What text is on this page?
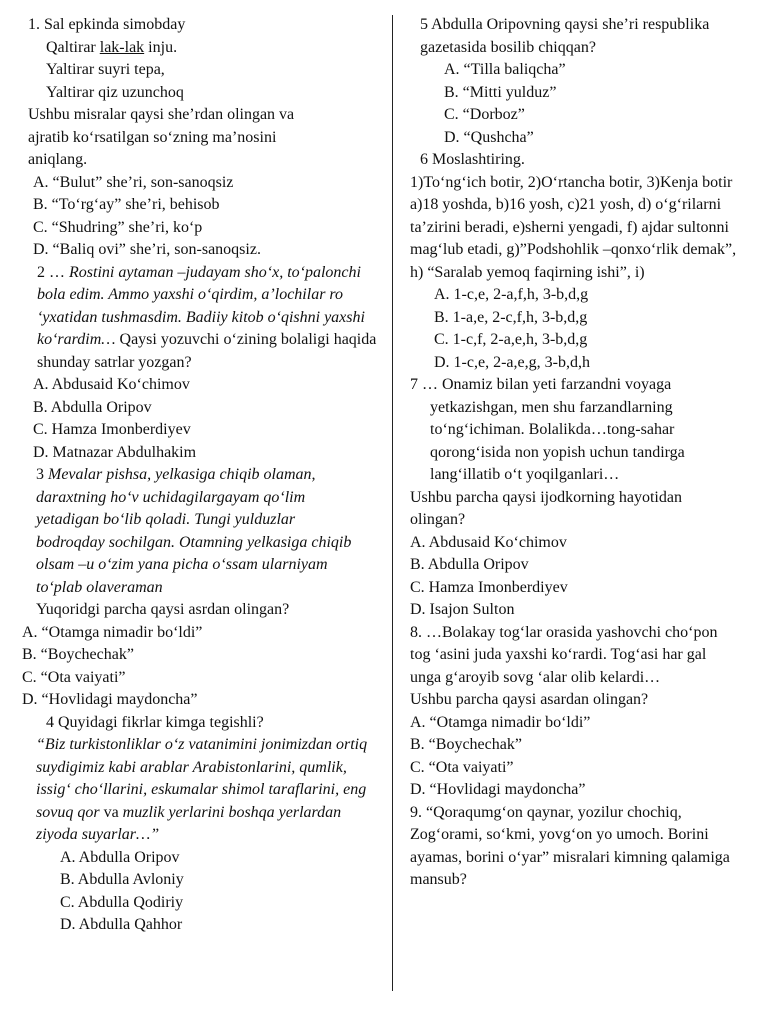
1. Sal epkinda simobday
Qaltirar lak-lak inju.
Yaltirar suyri tepa,
Yaltirar qiz uzunchoq
Ushbu misralar qaysi she’rdan olingan va ajratib ko‘rsatilgan so‘zning ma’nosini aniqlang.
A. “Bulut” she’ri, son-sanoqsiz
B. “To‘rg‘ay” she’ri, behisob
C. “Shudring” she’ri, ko‘p
D. “Baliq ovi” she’ri, son-sanoqsiz.
2 … Rostini aytaman –judayam sho‘x, to‘palonchi bola edim. Ammo yaxshi o‘qirdim, a’lochilar ro ‘yxatidan tushmasdim. Badiiy kitob o‘qishni yaxshi ko‘rardim… Qaysi yozuvchi o‘zining bolaligi haqida shunday satrlar yozgan?
A. Abdusaid Ko‘chimov
B. Abdulla Oripov
C. Hamza Imonberdiyev
D. Matnazar Abdulhakim
3 Mevalar pishsa, yelkasiga chiqib olaman, daraxtning ho‘v uchidagilargayam qo‘lim yetadigan bo‘lib qoladi. Tungi yulduzlar bodroqday sochilgan. Otamning yelkasiga chiqib olsam –u o‘zim yana picha o‘ssam ularniyam to‘plab olaveraman
Yuqoridgi parcha qaysi asrdan olingan?
A. “Otamga nimadir bo‘ldi”
B. “Boychechak”
C. “Ota vaiyati”
D. “Hovlidagi maydoncha”
4 Quyidagi fikrlar kimga tegishli?
“Biz turkistonliklar o‘z vatanimini jonimizdan ortiq suydigimiz kabi arablar Arabistonlarini, qumlik, issig‘ cho‘llarini, eskumalar shimol taraflarini, eng sovuq qor va muzlik yerlarini boshqa yerlardan ziyoda suyarlar…”
A. Abdulla Oripov
B. Abdulla Avloniy
C. Abdulla Qodiriy
D. Abdulla Qahhor
5 Abdulla Oripovning qaysi she’ri respublika gazetasida bosilib chiqqan?
A. “Tilla baliqcha”
B. “Mitti yulduz”
C. “Dorboz”
D. “Qushcha”
6 Moslashtiring.
1)To‘ng‘ich botir, 2)O‘rtancha botir, 3)Kenja botir
a)18 yoshda, b)16 yosh, c)21 yosh, d) o‘g‘rilarni ta’zirini beradi, e)sherni yengadi, f) ajdar sultonni mag‘lub etadi, g)”Podshohlik –qonxo‘rlik demak”, h) “Saralab yemoq faqirning ishi”, i)
A. 1-c,e, 2-a,f,h, 3-b,d,g
B. 1-a,e, 2-c,f,h, 3-b,d,g
C. 1-c,f, 2-a,e,h, 3-b,d,g
D. 1-c,e, 2-a,e,g, 3-b,d,h
7 … Onamiz bilan yeti farzandni voyaga yetkazishgan, men shu farzandlarning to‘ng‘ichiman. Bolalikda…tong-sahar qorong‘isida non yopish uchun tandirga lang‘illatib o‘t yoqilganlari…
Ushbu parcha qaysi ijodkorning hayotidan olingan?
A. Abdusaid Ko‘chimov
B. Abdulla Oripov
C. Hamza Imonberdiyev
D. Isajon Sulton
8. …Bolakay tog‘lar orasida yashovchi cho‘pon tog ‘asini juda yaxshi ko‘rardi. Tog‘asi har gal unga g‘aroyib sovg ‘alar olib kelardi…
Ushbu parcha qaysi asardan olingan?
A. “Otamga nimadir bo‘ldi”
B. “Boychechak”
C. “Ota vaiyati”
D. “Hovlidagi maydoncha”
9. “Qoraqumg‘on qaynar, yozilur chochiq, Zog‘orami, so‘kmi, yovg‘on yo umoch. Borini ayamas, borini o‘yar” misralari kimning qalamiga mansub?
